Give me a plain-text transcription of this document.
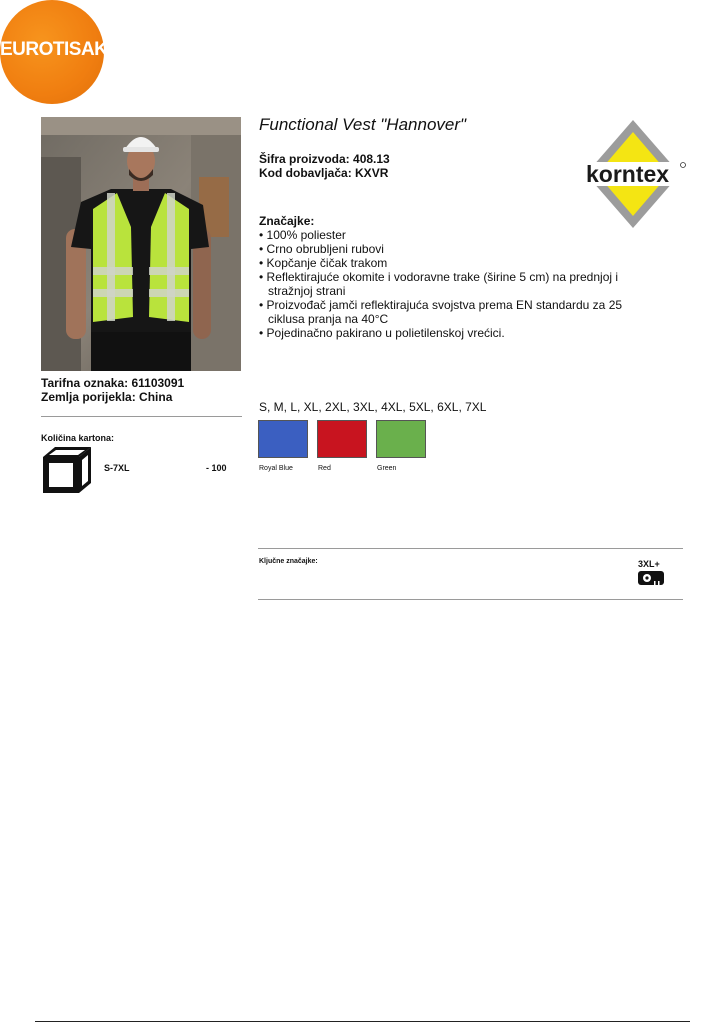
EUROTISAK
Functional Vest "Hannover"
Šifra proizvoda: 408.13
Kod dobavljača: KXVR	korntex
Značajke:
• 100% poliester
• Crno obrubljeni rubovi
• Kopčanje čičak trakom
• Reflektirajuće okomite i vodoravne trake (širine 5 cm) na prednjoj i stražnjoj strani
• Proizvođač jamči reflektirajuća svojstva prema EN standardu za 25 ciklusa pranja na 40°C
• Pojedinačno pakirano u polietilenskoj vrećici.
Tarifna oznaka: 61103091
Zemlja porijekla: China
Količina kartona:
S-7XL	- 100
S, M, L, XL, 2XL, 3XL, 4XL, 5XL, 6XL, 7XL
Royal Blue	Red	Green
Ključne značajke:	3XL+
